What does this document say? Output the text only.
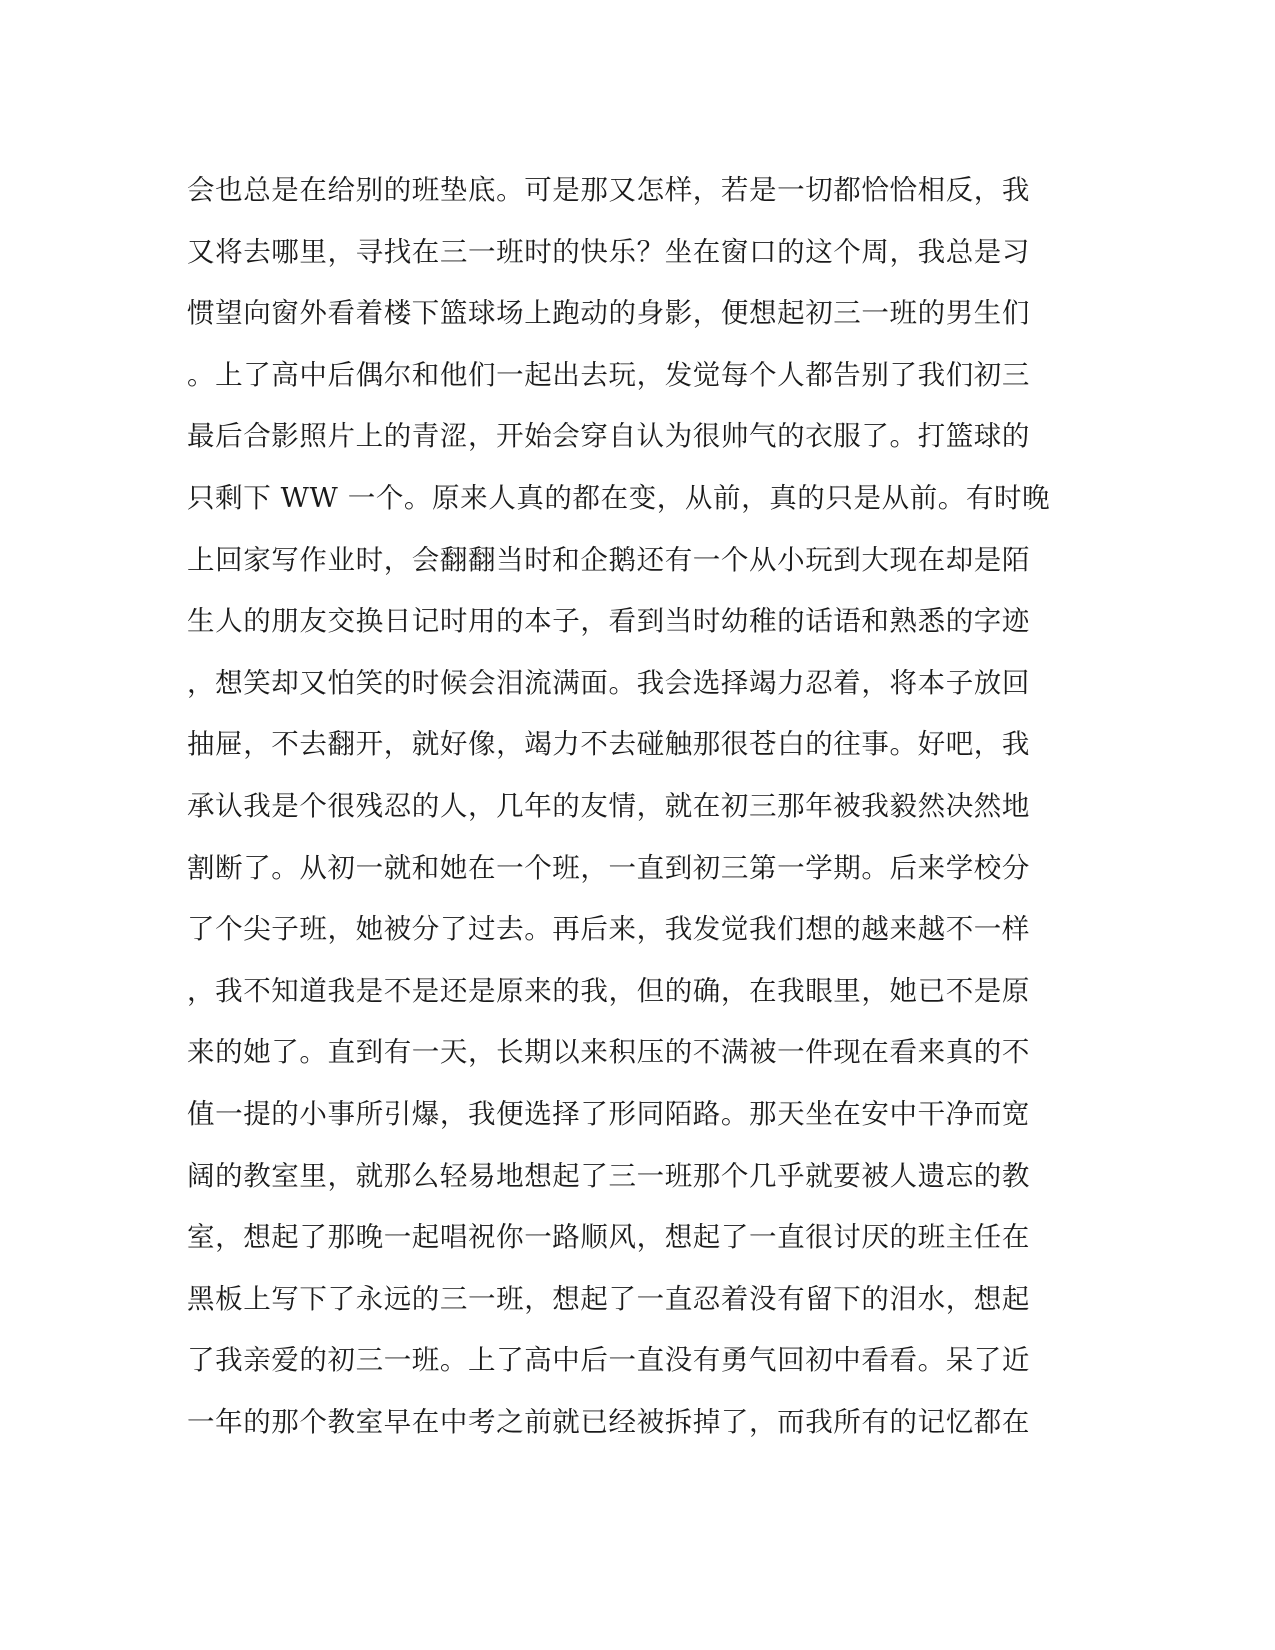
会也总是在给别的班垫底。可是那又怎样，若是一切都恰恰相反，我
又将去哪里，寻找在三一班时的快乐？坐在窗口的这个周，我总是习
惯望向窗外看着楼下篮球场上跑动的身影，便想起初三一班的男生们
。上了高中后偶尔和他们一起出去玩，发觉每个人都告别了我们初三
最后合影照片上的青涩，开始会穿自认为很帅气的衣服了。打篮球的
只剩下 WW 一个。原来人真的都在变，从前，真的只是从前。有时晚
上回家写作业时，会翻翻当时和企鹅还有一个从小玩到大现在却是陌
生人的朋友交换日记时用的本子，看到当时幼稚的话语和熟悉的字迹
，想笑却又怕笑的时候会泪流满面。我会选择竭力忍着，将本子放回
抽屉，不去翻开，就好像，竭力不去碰触那很苍白的往事。好吧，我
承认我是个很残忍的人，几年的友情，就在初三那年被我毅然决然地
割断了。从初一就和她在一个班，一直到初三第一学期。后来学校分
了个尖子班，她被分了过去。再后来，我发觉我们想的越来越不一样
，我不知道我是不是还是原来的我，但的确，在我眼里，她已不是原
来的她了。直到有一天，长期以来积压的不满被一件现在看来真的不
值一提的小事所引爆，我便选择了形同陌路。那天坐在安中干净而宽
阔的教室里，就那么轻易地想起了三一班那个几乎就要被人遗忘的教
室，想起了那晚一起唱祝你一路顺风，想起了一直很讨厌的班主任在
黑板上写下了永远的三一班，想起了一直忍着没有留下的泪水，想起
了我亲爱的初三一班。上了高中后一直没有勇气回初中看看。呆了近
一年的那个教室早在中考之前就已经被拆掉了，而我所有的记忆都在
